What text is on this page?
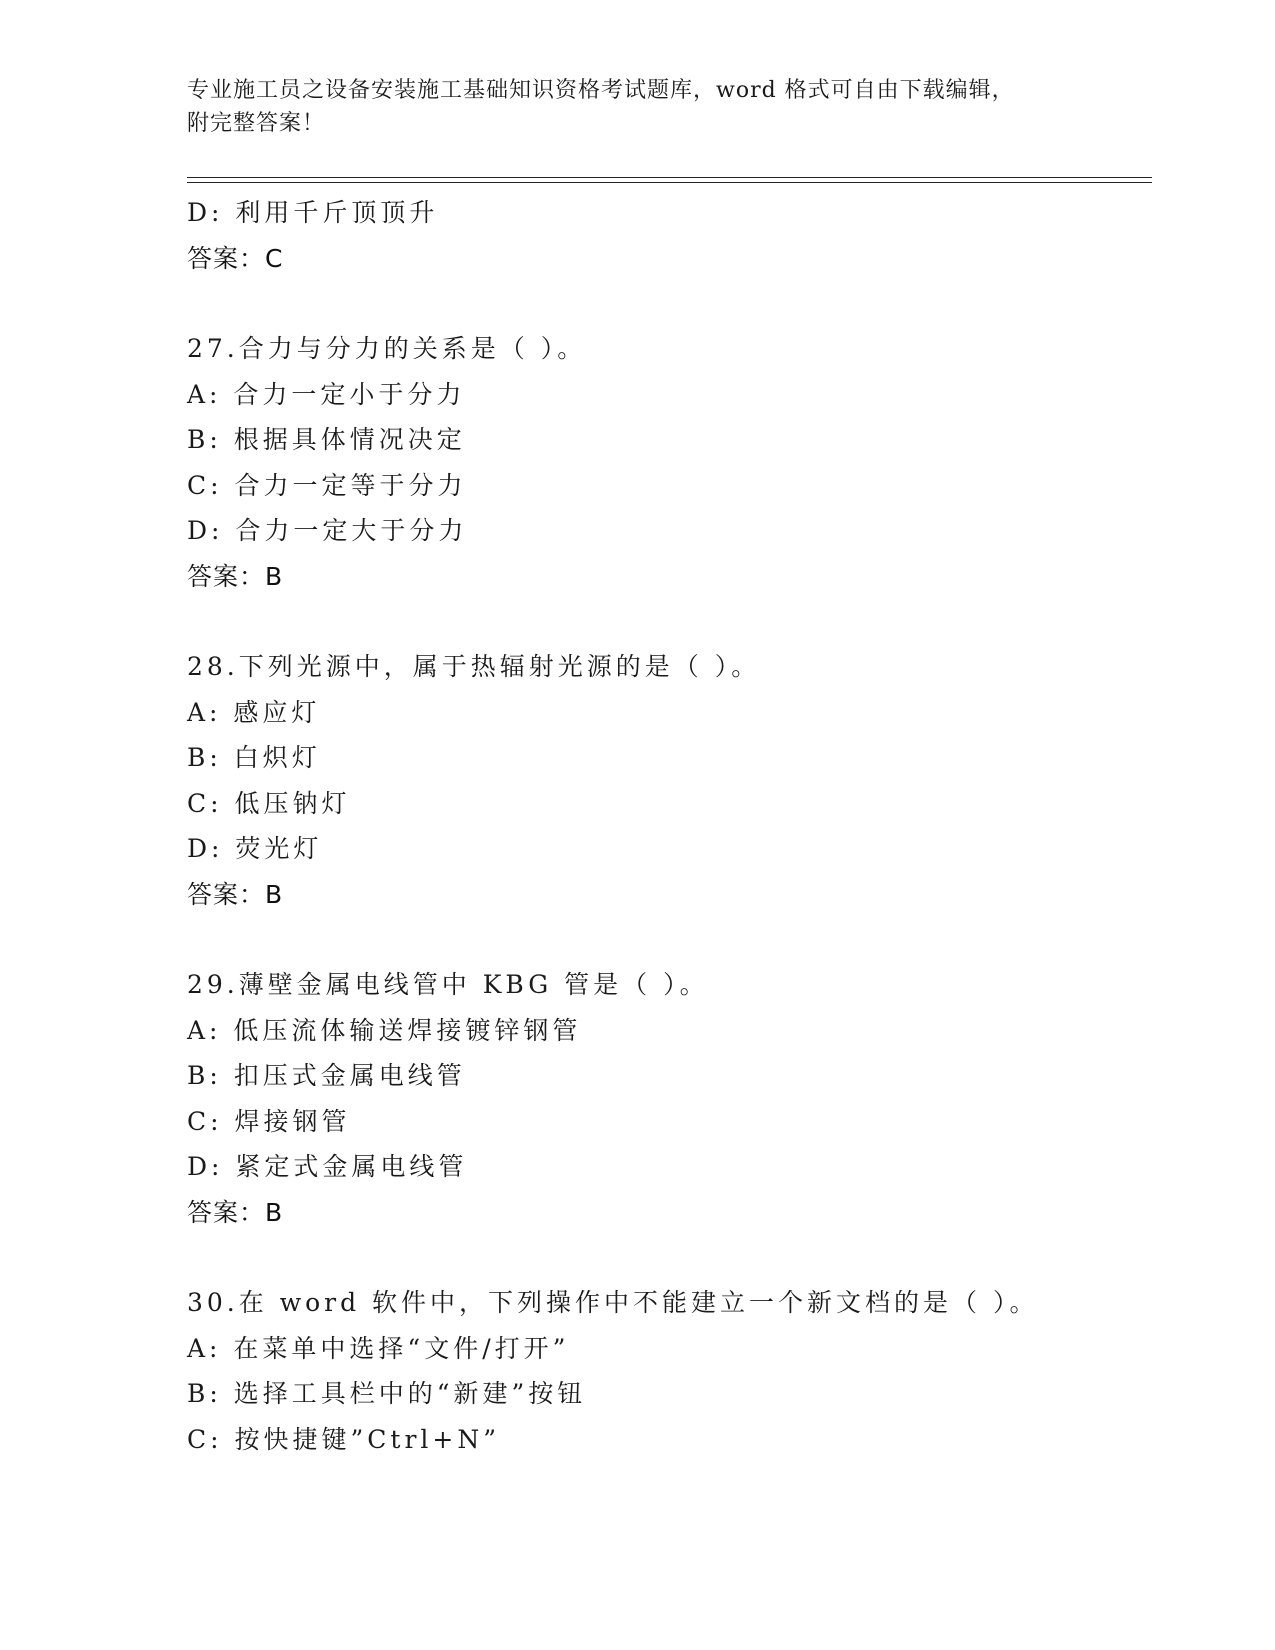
专业施工员之设备安装施工基础知识资格考试题库，word 格式可自由下载编辑，
附完整答案！
D: 利用千斤顶顶升
答案：C
27.合力与分力的关系是（ ）。
A: 合力一定小于分力
B: 根据具体情况决定
C: 合力一定等于分力
D: 合力一定大于分力
答案：B
28.下列光源中，属于热辐射光源的是（ ）。
A: 感应灯
B: 白炽灯
C: 低压钠灯
D: 荧光灯
答案：B
29.薄壁金属电线管中 KBG 管是（ ）。
A: 低压流体输送焊接镀锌钢管
B: 扣压式金属电线管
C: 焊接钢管
D: 紧定式金属电线管
答案：B
30.在 word 软件中，下列操作中不能建立一个新文档的是（ ）。
A: 在菜单中选择“文件/打开”
B: 选择工具栏中的“新建”按钮
C: 按快捷键”Ctrl+N”
